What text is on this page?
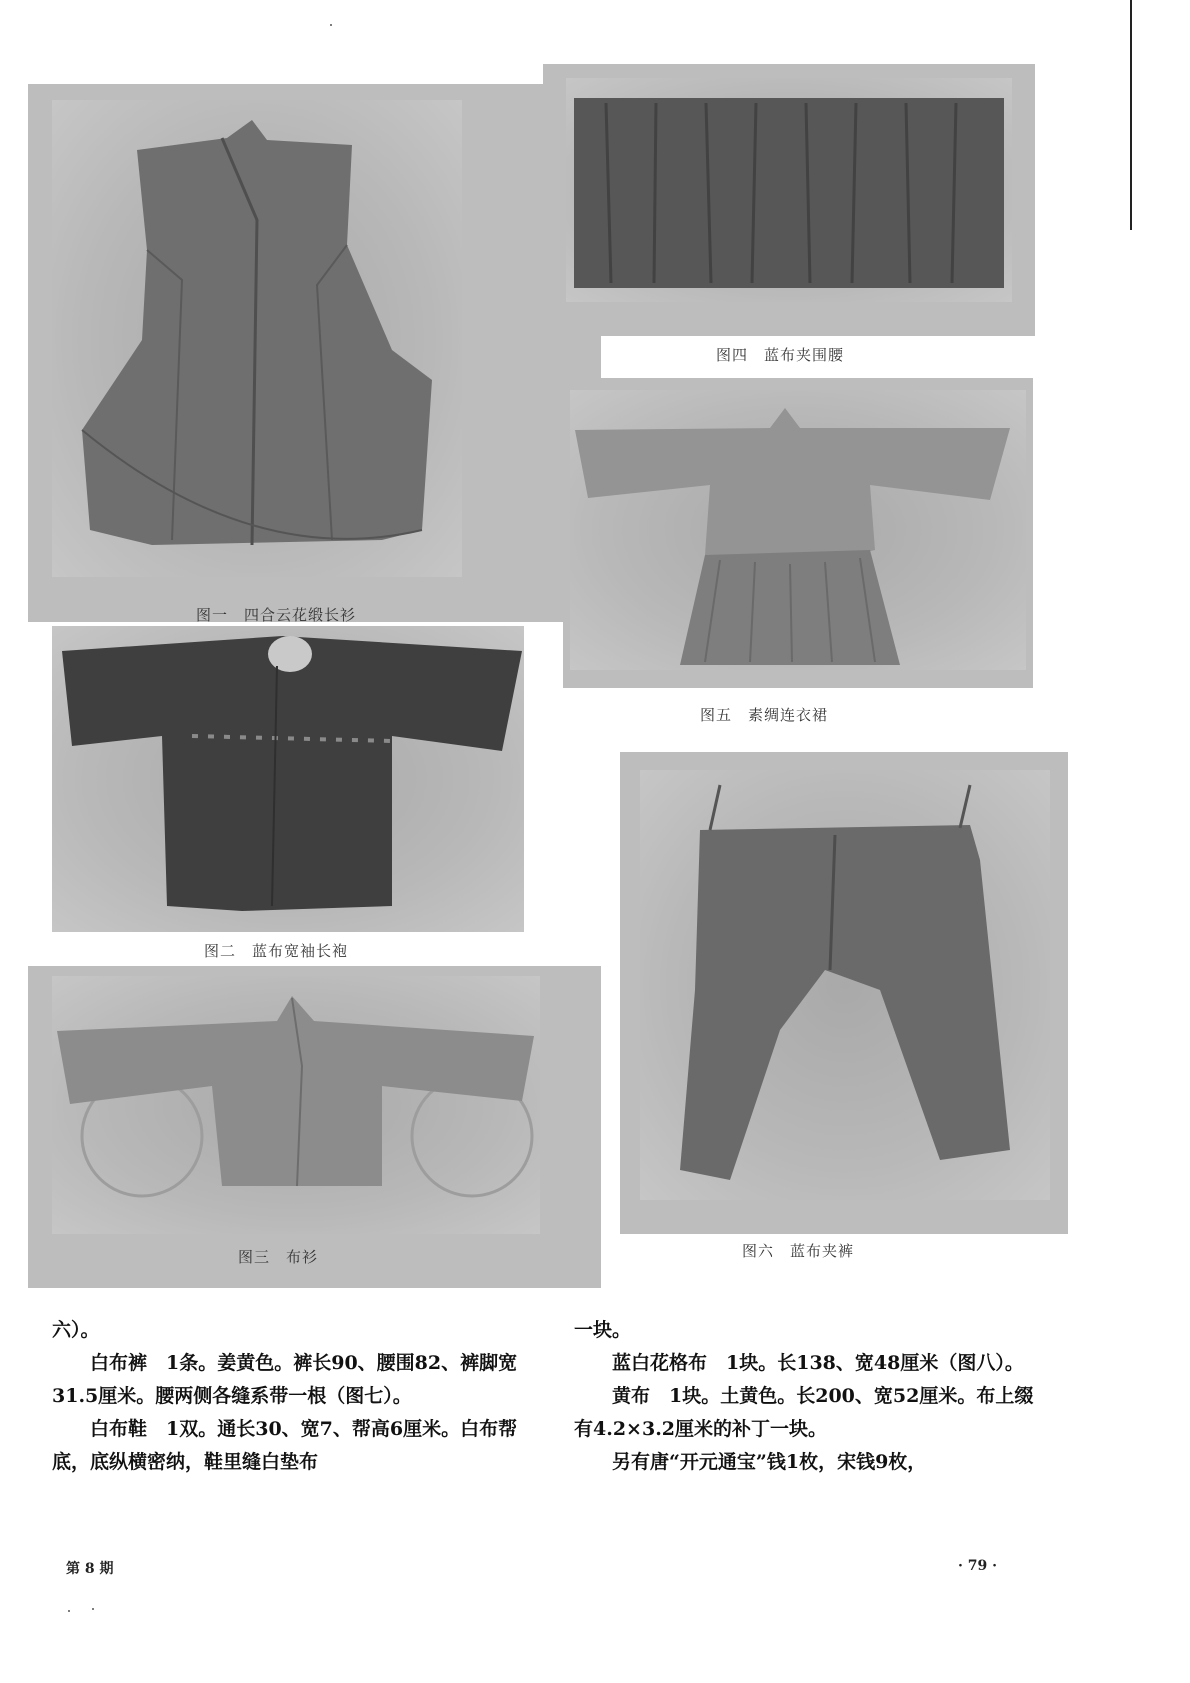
图一　四合云花缎长衫
图二　蓝布宽袖长袍
图三　布衫
图四　蓝布夹围腰
图五　素绸连衣裙
图六　蓝布夹裤

六）。

白布裤　1条。姜黄色。裤长90、腰围82、裤脚宽31.5厘米。腰两侧各缝系带一根（图七）。

白布鞋　1双。通长30、宽7、帮高6厘米。白布帮底，底纵横密纳，鞋里缝白垫布

一块。

蓝白花格布　1块。长138、宽48厘米（图八）。

黄布　1块。土黄色。长200、宽52厘米。布上缀有4.2×3.2厘米的补丁一块。

另有唐“开元通宝”钱1枚，宋钱9枚，

第 8 期	· 79 ·
